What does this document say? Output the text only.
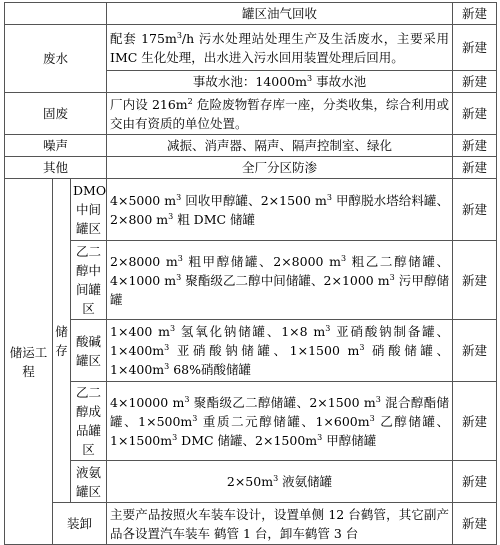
			罐区油气回收	新建
废水			配套 $175m^3/h$ 污水处理站处理生产及生活废水，主要采用 IMC 生化处理，出水进入污水回用装置处理后回用。	新建
			事故水池：$14000m^3$ 事故水池	新建
固废			厂内设 $216m^2$ 危险废物暂存库一座，分类收集，综合利用或交由有资质的单位处置。	新建
噪声			减振、消声器、隔声、隔声控制室、绿化	新建
其他			全厂分区防渗	新建
储运工程	储存	DMO 中间罐区	4×5000 $m^3$ 回收甲醇罐、2×1500 $m^3$ 甲醇脱水塔给料罐、2×800 $m^3$ 粗 DMC 储罐	新建
		乙二醇中间罐区	2×8000 $m^3$ 粗甲醇储罐、2×8000 $m^3$ 粗乙二醇储罐、4×1000 $m^3$ 聚酯级乙二醇中间储罐、2×1000 $m^3$ 污甲醇储罐	新建
		酸碱罐区	1×400 $m^3$ 氢氧化钠储罐、1×8 $m^3$ 亚硝酸钠制备罐、$1\times 400m^3$ 亚硝酸钠储罐、1×1500 $m^3$ 硝酸储罐、$1\times 400m^3$ 68%硝酸储罐	新建
		乙二醇成品罐区	4×10000 $m^3$ 聚酯级乙二醇储罐、2×1500 $m^3$ 混合醇酯储罐、$1\times 500m^3$ 重质二元醇储罐、$1\times 600m^3$ 乙醇储罐、$1\times 1500m^3$ DMC 储罐、$2\times 1500m^3$ 甲醇储罐	新建
		液氨罐区	$2\times 50m^3$ 液氨储罐	新建
	装卸		主要产品按照火车装车设计，设置单侧 12 台鹤管，其它副产品各设置汽车装车 鹤管 1 台，卸车鹤管 3 台	新建
